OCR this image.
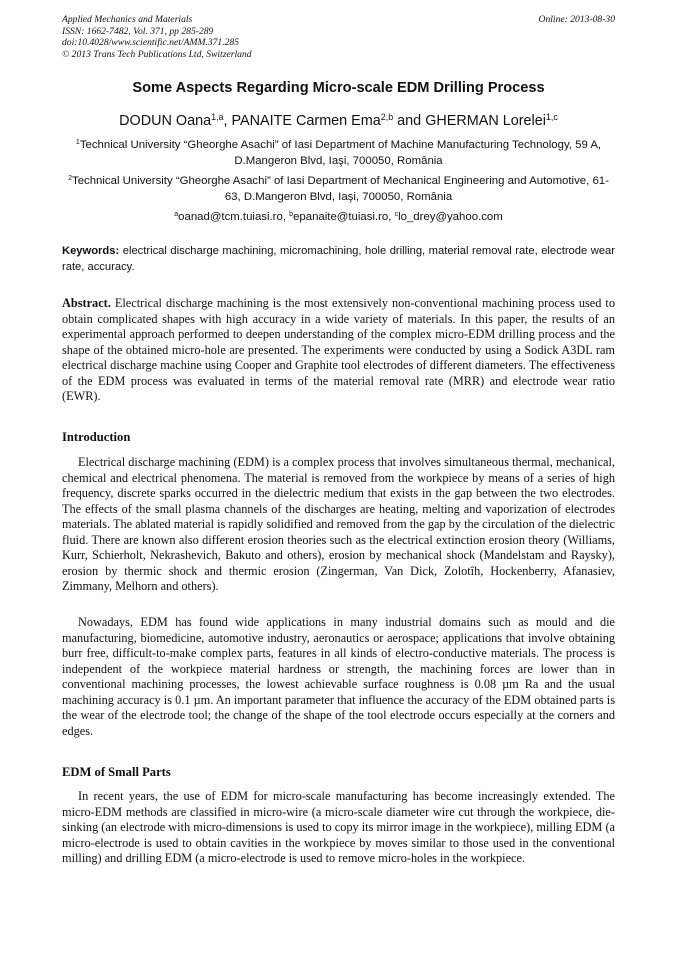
Applied Mechanics and Materials
ISSN: 1662-7482, Vol. 371, pp 285-289
doi:10.4028/www.scientific.net/AMM.371.285
© 2013 Trans Tech Publications Ltd, Switzerland
Online: 2013-08-30
Some Aspects Regarding Micro-scale EDM Drilling Process
DODUN Oana$^{1,a}$, PANAITE Carmen Ema$^{2,b}$ and GHERMAN Lorelei$^{1,c}$
$^1$Technical University “Gheorghe Asachi” of Iasi Department of Machine Manufacturing Technology, 59 A, D.Mangeron Blvd, Iaşi, 700050, România
$^2$Technical University “Gheorghe Asachi” of Iasi Department of Mechanical Engineering and Automotive, 61-63, D.Mangeron Blvd, Iaşi, 700050, România
$^a$oanad@tcm.tuiasi.ro, $^b$epanaite@tuiasi.ro, $^c$lo_drey@yahoo.com
Keywords: electrical discharge machining, micromachining, hole drilling, material removal rate, electrode wear rate, accuracy.
Abstract. Electrical discharge machining is the most extensively non-conventional machining process used to obtain complicated shapes with high accuracy in a wide variety of materials. In this paper, the results of an experimental approach performed to deepen understanding of the complex micro-EDM drilling process and the shape of the obtained micro-hole are presented. The experiments were conducted by using a Sodick A3DL ram electrical discharge machine using Cooper and Graphite tool electrodes of different diameters. The effectiveness of the EDM process was evaluated in terms of the material removal rate (MRR) and electrode wear ratio (EWR).
Introduction
Electrical discharge machining (EDM) is a complex process that involves simultaneous thermal, mechanical, chemical and electrical phenomena. The material is removed from the workpiece by means of a series of high frequency, discrete sparks occurred in the dielectric medium that exists in the gap between the two electrodes. The effects of the small plasma channels of the discharges are heating, melting and vaporization of electrodes materials. The ablated material is rapidly solidified and removed from the gap by the circulation of the dielectric fluid. There are known also different erosion theories such as the electrical extinction erosion theory (Williams, Kurr, Schierholt, Nekrashevich, Bakuto and others), erosion by mechanical shock (Mandelstam and Raysky), erosion by thermic shock and thermic erosion (Zingerman, Van Dick, Zolotîh, Hockenberry, Afanasiev, Zimmany, Melhorn and others).
Nowadays, EDM has found wide applications in many industrial domains such as mould and die manufacturing, biomedicine, automotive industry, aeronautics or aerospace; applications that involve obtaining burr free, difficult-to-make complex parts, features in all kinds of electro-conductive materials. The process is independent of the workpiece material hardness or strength, the machining forces are lower than in conventional machining processes, the lowest achievable surface roughness is 0.08 µm Ra and the usual machining accuracy is 0.1 µm. An important parameter that influence the accuracy of the EDM obtained parts is the wear of the electrode tool; the change of the shape of the tool electrode occurs especially at the corners and edges.
EDM of Small Parts
In recent years, the use of EDM for micro-scale manufacturing has become increasingly extended. The micro-EDM methods are classified in micro-wire (a micro-scale diameter wire cut through the workpiece, die-sinking (an electrode with micro-dimensions is used to copy its mirror image in the workpiece), milling EDM (a micro-electrode is used to obtain cavities in the workpiece by moves similar to those used in the conventional milling) and drilling EDM (a micro-electrode is used to remove micro-holes in the workpiece.
